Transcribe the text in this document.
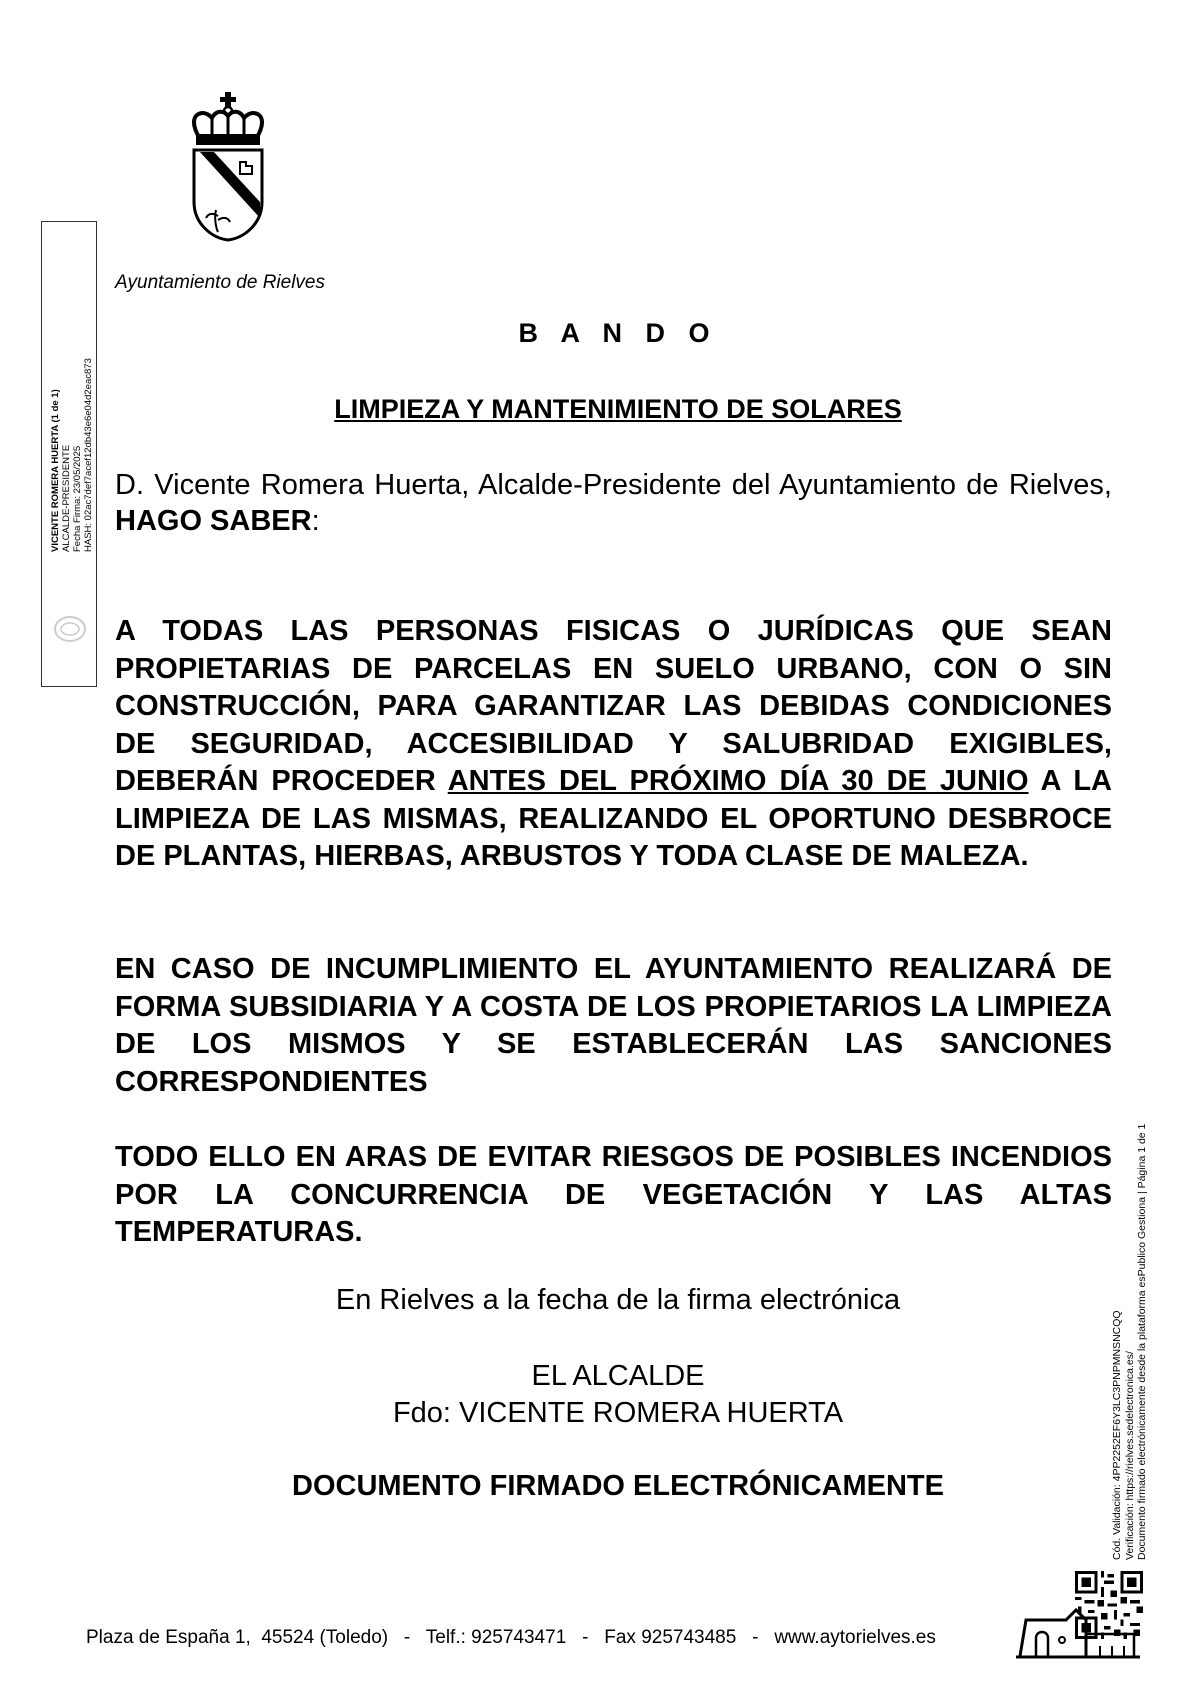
Ayuntamiento de Rielves
VICENTE ROMERA HUERTA (1 de 1) ALCALDE-PRESIDENTE Fecha Firma: 23/05/2025 HASH: 02ac7def7acef12db43e6e04d2eac873
B A N D O
LIMPIEZA Y MANTENIMIENTO DE SOLARES
D. Vicente Romera Huerta, Alcalde-Presidente del Ayuntamiento de Rielves, HAGO SABER:
A TODAS LAS PERSONAS FISICAS O JURÍDICAS QUE SEAN PROPIETARIAS DE PARCELAS EN SUELO URBANO, CON O SIN CONSTRUCCIÓN, PARA GARANTIZAR LAS DEBIDAS CONDICIONES DE SEGURIDAD, ACCESIBILIDAD Y SALUBRIDAD EXIGIBLES, DEBERÁN PROCEDER ANTES DEL PRÓXIMO DÍA 30 DE JUNIO A LA LIMPIEZA DE LAS MISMAS, REALIZANDO EL OPORTUNO DESBROCE DE PLANTAS, HIERBAS, ARBUSTOS Y TODA CLASE DE MALEZA.
EN CASO DE INCUMPLIMIENTO EL AYUNTAMIENTO REALIZARÁ DE FORMA SUBSIDIARIA Y A COSTA DE LOS PROPIETARIOS LA LIMPIEZA DE LOS MISMOS Y SE ESTABLECERÁN LAS SANCIONES CORRESPONDIENTES
TODO ELLO EN ARAS DE EVITAR RIESGOS DE POSIBLES INCENDIOS POR LA CONCURRENCIA DE VEGETACIÓN Y LAS ALTAS TEMPERATURAS.
En Rielves a la fecha de la firma electrónica
EL ALCALDE
Fdo: VICENTE ROMERA HUERTA
DOCUMENTO FIRMADO ELECTRÓNICAMENTE	Cód. Validación: 4PP2252EF6Y3LC3PNPMNSNCQQ Verificación: https://rielves.sedelectronica.es/ Documento firmado electrónicamente desde la plataforma esPublico Gestiona | Página 1 de 1
Plaza de España 1,  45524 (Toledo)   -   Telf.: 925743471   -   Fax 925743485   -   www.aytorielves.es
